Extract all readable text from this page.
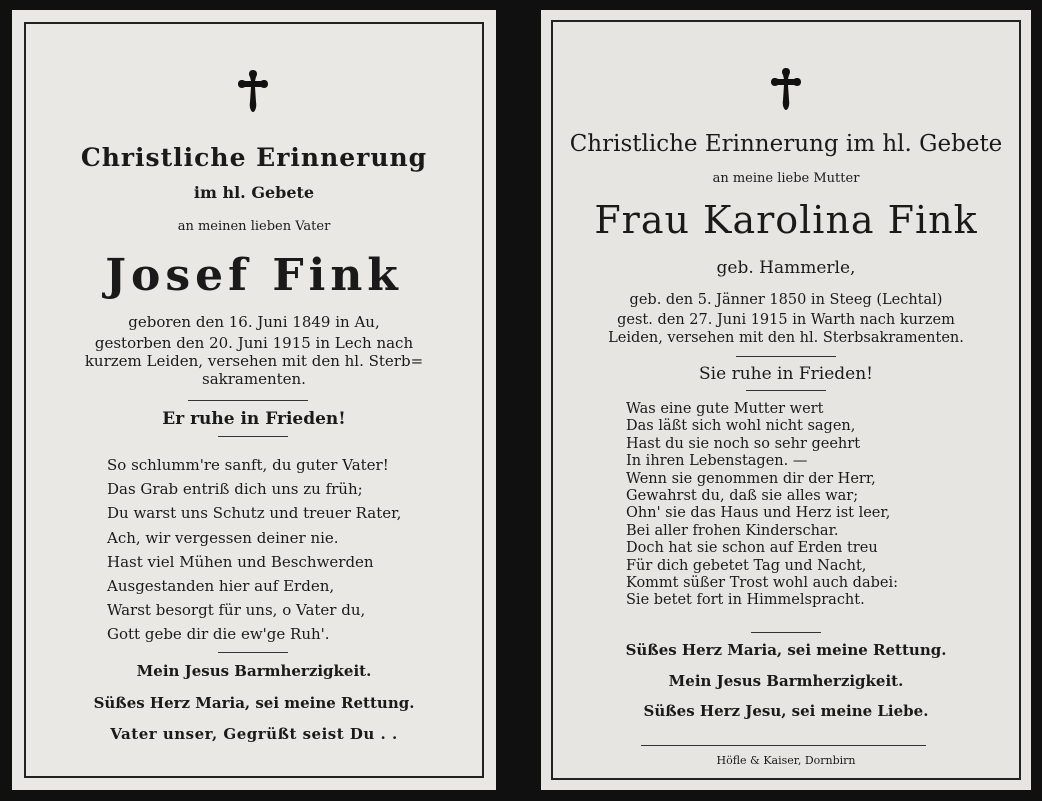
Christliche Erinnerung
im hl. Gebete
an meinen lieben Vater
Josef Fink
geboren den 16. Juni 1849 in Au,
gestorben den 20. Juni 1915 in Lech nach
kurzem Leiden, versehen mit den hl. Sterb=
sakramenten.
Er ruhe in Frieden!
So schlumm're sanft, du guter Vater!
Das Grab entriß dich uns zu früh;
Du warst uns Schutz und treuer Rater,
Ach, wir vergessen deiner nie.
Hast viel Mühen und Beschwerden
Ausgestanden hier auf Erden,
Warst besorgt für uns, o Vater du,
Gott gebe dir die ew'ge Ruh'.
Mein Jesus Barmherzigkeit.
Süßes Herz Maria, sei meine Rettung.
Vater unser, Gegrüßt seist Du . .
Christliche Erinnerung im hl. Gebete
an meine liebe Mutter
Frau Karolina Fink
geb. Hammerle,
geb. den 5. Jänner 1850 in Steeg (Lechtal)
gest. den 27. Juni 1915 in Warth nach kurzem
Leiden, versehen mit den hl. Sterbsakramenten.
Sie ruhe in Frieden!
Was eine gute Mutter wert
Das läßt sich wohl nicht sagen,
Hast du sie noch so sehr geehrt
In ihren Lebenstagen. —
Wenn sie genommen dir der Herr,
Gewahrst du, daß sie alles war;
Ohn' sie das Haus und Herz ist leer,
Bei aller frohen Kinderschar.
Doch hat sie schon auf Erden treu
Für dich gebetet Tag und Nacht,
Kommt süßer Trost wohl auch dabei:
Sie betet fort in Himmelspracht.
Süßes Herz Maria, sei meine Rettung.
Mein Jesus Barmherzigkeit.
Süßes Herz Jesu, sei meine Liebe.
Höfle & Kaiser, Dornbirn
